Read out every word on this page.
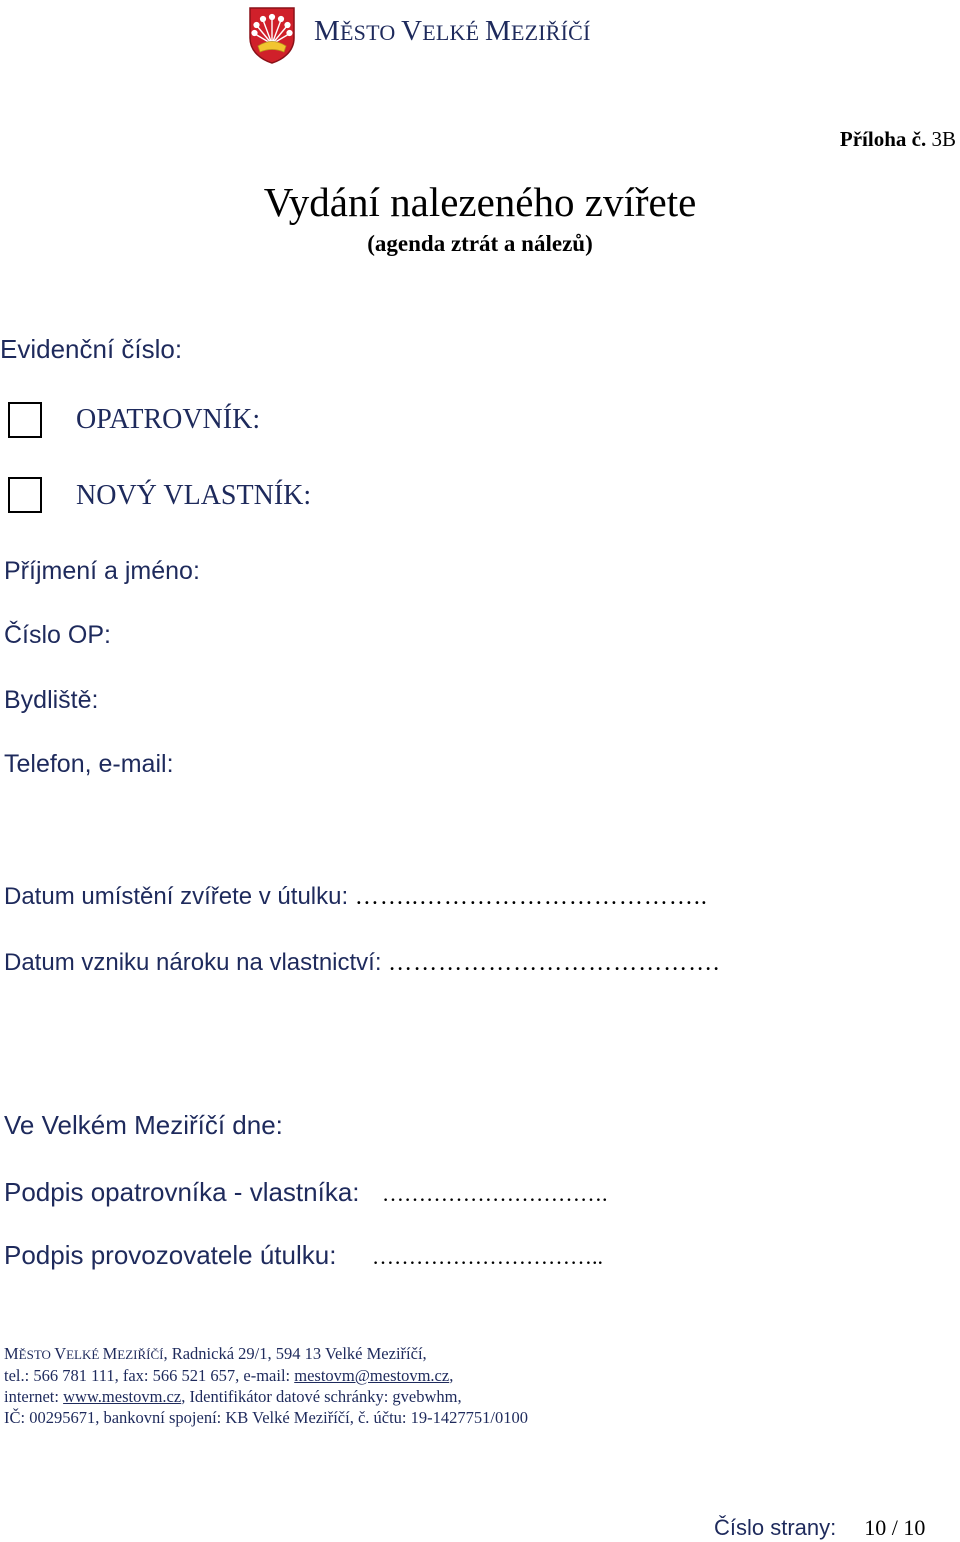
MĚSTO VELKÉ MEZIŘÍČÍ
Příloha č. 3B
Vydání nalezeného zvířete
(agenda ztrát a nálezů)
Evidenční číslo:
OPATROVNÍK:
NOVÝ VLASTNÍK:
Příjmení a jméno:
Číslo OP:
Bydliště:
Telefon, e-mail:
Datum umístění zvířete v útulku: ……..……………………………..
Datum vzniku nároku na vlastnictví: ………………………………….
Ve Velkém Meziříčí dne:
Podpis opatrovníka - vlastníka: ………………………….
Podpis provozovatele útulku: …………………………..
MĚSTO VELKÉ MEZIŘÍČÍ, Radnická 29/1, 594 13 Velké Meziříčí,
tel.: 566 781 111, fax: 566 521 657, e-mail: mestovm@mestovm.cz,
internet: www.mestovm.cz, Identifikátor datové schránky: gvebwhm,
IČ: 00295671, bankovní spojení: KB Velké Meziříčí, č. účtu: 19-1427751/0100
Číslo strany: 10 / 10
